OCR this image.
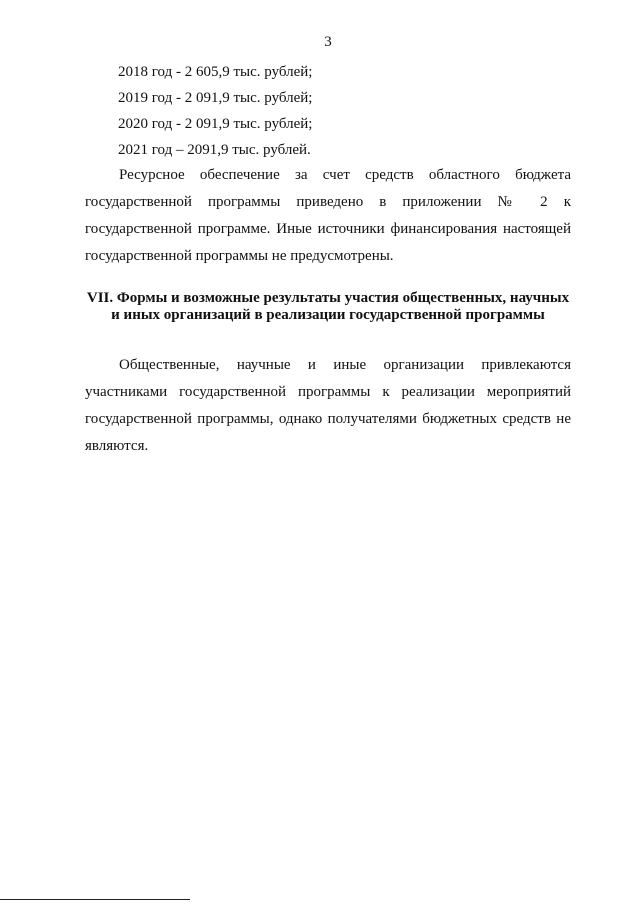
3
2018 год - 2 605,9 тыс. рублей;
2019 год - 2 091,9 тыс. рублей;
2020 год - 2 091,9 тыс. рублей;
2021 год – 2091,9 тыс. рублей.

Ресурсное обеспечение за счет средств областного бюджета государственной программы приведено в приложении № 2 к государственной программе. Иные источники финансирования настоящей государственной программы не предусмотрены.

VII. Формы и возможные результаты участия общественных, научных и иных организаций в реализации государственной программы

Общественные, научные и иные организации привлекаются участниками государственной программы к реализации мероприятий государственной программы, однако получателями бюджетных средств не являются.
